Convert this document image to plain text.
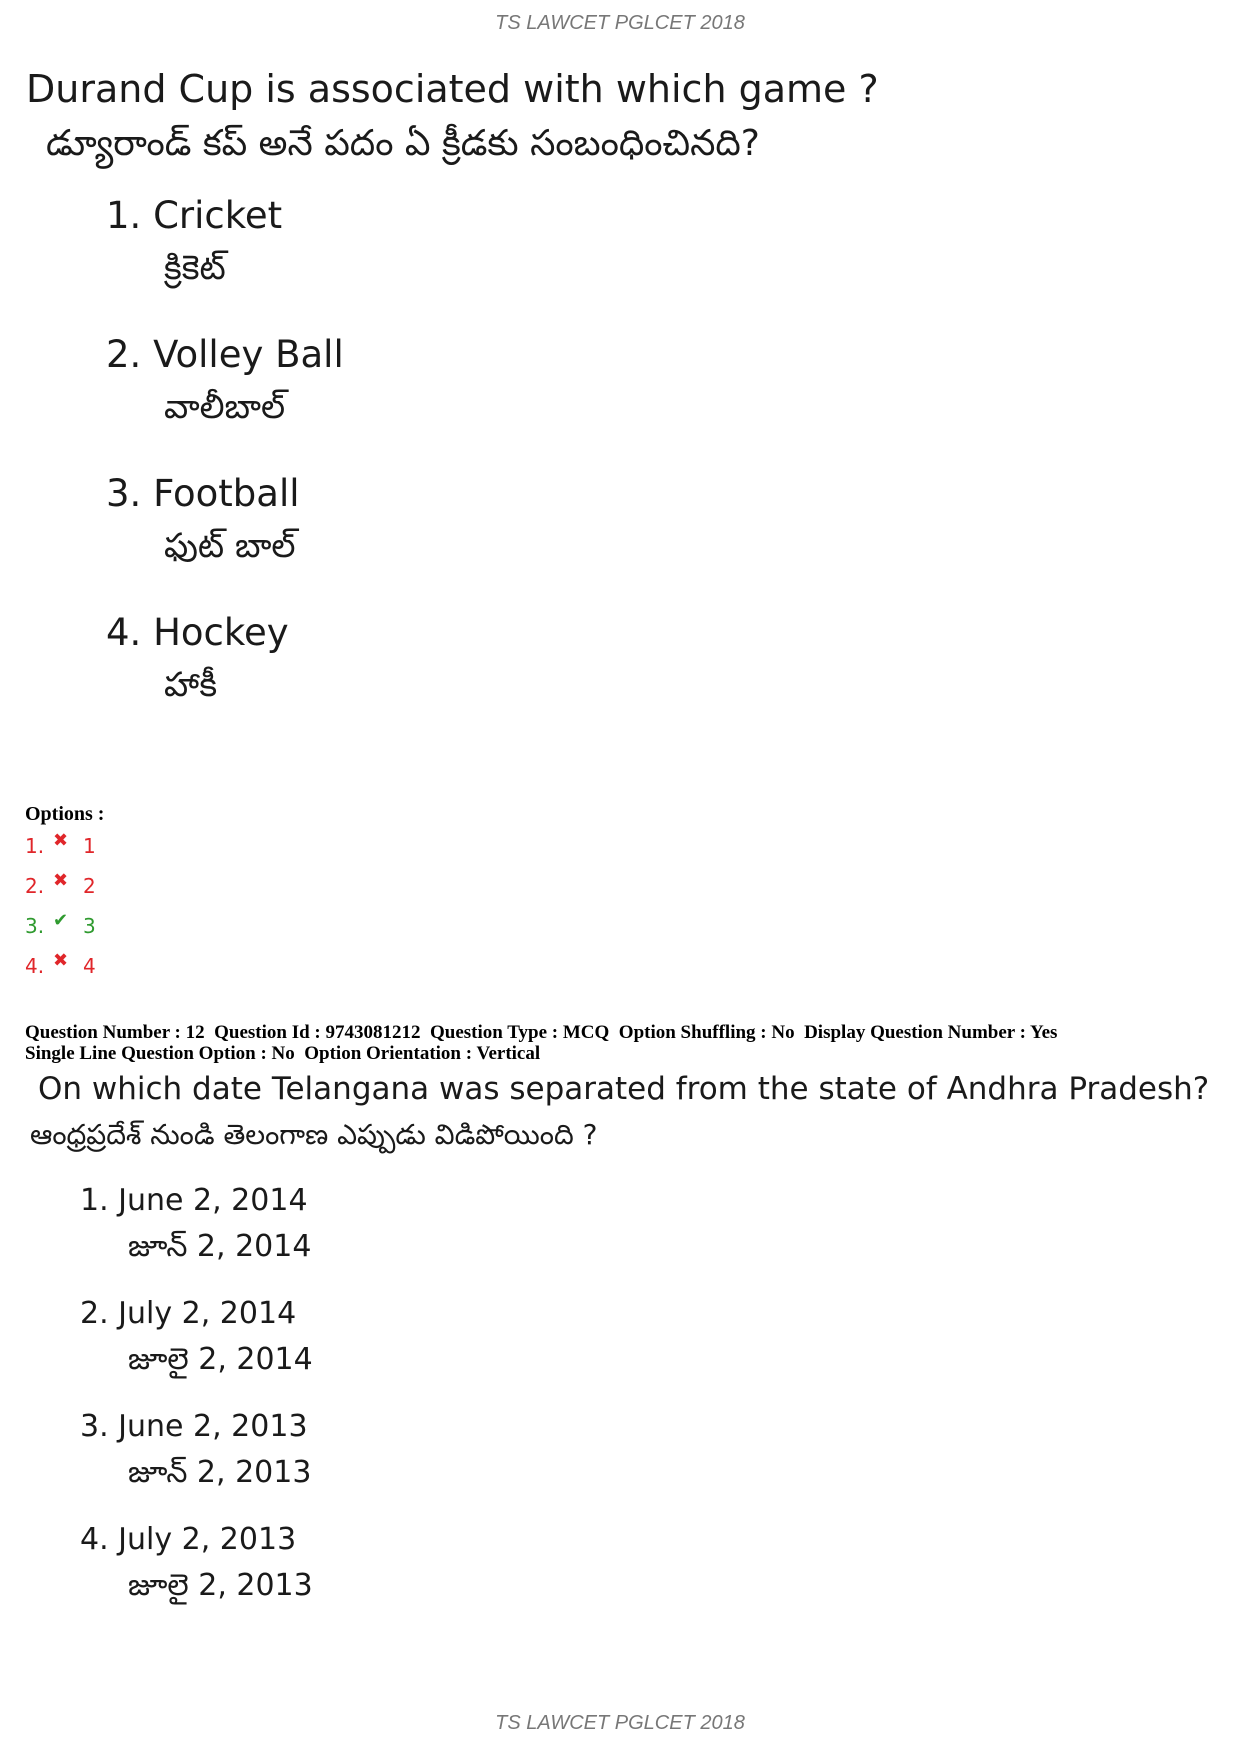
TS LAWCET PGLCET 2018
Durand Cup is associated with which game ?
డ్యూరాండ్ కప్ అనే పదం ఏ క్రీడకు సంబంధించినది?
1. Cricket
క్రికెట్
2. Volley Ball
వాలీబాల్
3. Football
ఫుట్ బాల్
4. Hockey
హాకీ
Options :
1. ✖ 1
2. ✖ 2
3. ✔ 3
4. ✖ 4
Question Number : 12  Question Id : 9743081212  Question Type : MCQ  Option Shuffling : No  Display Question Number : Yes
Single Line Question Option : No  Option Orientation : Vertical
On which date Telangana was separated from the state of Andhra Pradesh?
ఆంధ్రప్రదేశ్ నుండి తెలంగాణ ఎప్పుడు విడిపోయింది ?
1. June 2, 2014
జూన్ 2, 2014
2. July 2, 2014
జూలై 2, 2014
3. June 2, 2013
జూన్ 2, 2013
4. July 2, 2013
జూలై 2, 2013
TS LAWCET PGLCET 2018
